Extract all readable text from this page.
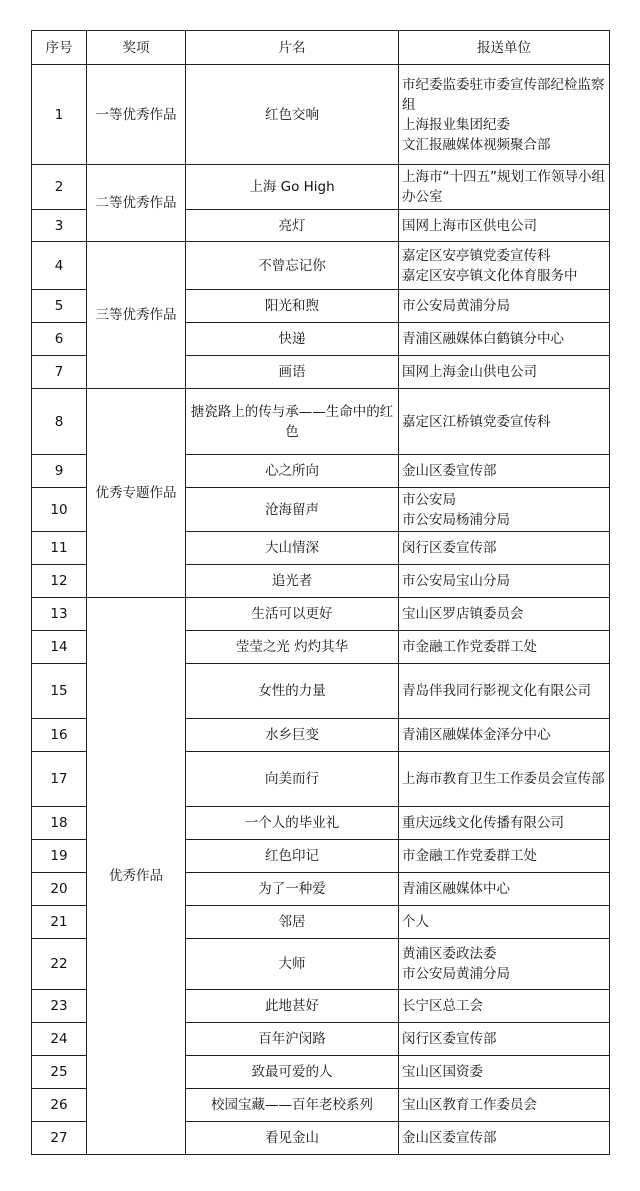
序号	奖项	片名	报送单位
1	一等优秀作品	红色交响	市纪委监委驻市委宣传部纪检监察组
上海报业集团纪委
文汇报融媒体视频聚合部

2	二等优秀作品	上海 Go High	上海市“十四五”规划工作领导小组办公室

3		亮灯	国网上海市区供电公司

4	三等优秀作品	不曾忘记你	嘉定区安亭镇党委宣传科
嘉定区安亭镇文化体育服务中

5		阳光和煦	市公安局黄浦分局

6		快递	青浦区融媒体白鹤镇分中心

7		画语	国网上海金山供电公司

8	优秀专题作品	搪瓷路上的传与承——生命中的红色	嘉定区江桥镇党委宣传科

9		心之所向	金山区委宣传部

10		沧海留声	市公安局
市公安局杨浦分局

11		大山情深	闵行区委宣传部

12		追光者	市公安局宝山分局

13	优秀作品	生活可以更好	宝山区罗店镇委员会

14		莹莹之光 灼灼其华	市金融工作党委群工处

15		女性的力量	青岛伴我同行影视文化有限公司

16		水乡巨变	青浦区融媒体金泽分中心

17		向美而行	上海市教育卫生工作委员会宣传部

18		一个人的毕业礼	重庆远线文化传播有限公司

19		红色印记	市金融工作党委群工处

20		为了一种爱	青浦区融媒体中心

21		邻居	个人

22		大师	黄浦区委政法委
市公安局黄浦分局

23		此地甚好	长宁区总工会

24		百年沪闵路	闵行区委宣传部

25		致最可爱的人	宝山区国资委

26		校园宝藏——百年老校系列	宝山区教育工作委员会

27		看见金山	金山区委宣传部
